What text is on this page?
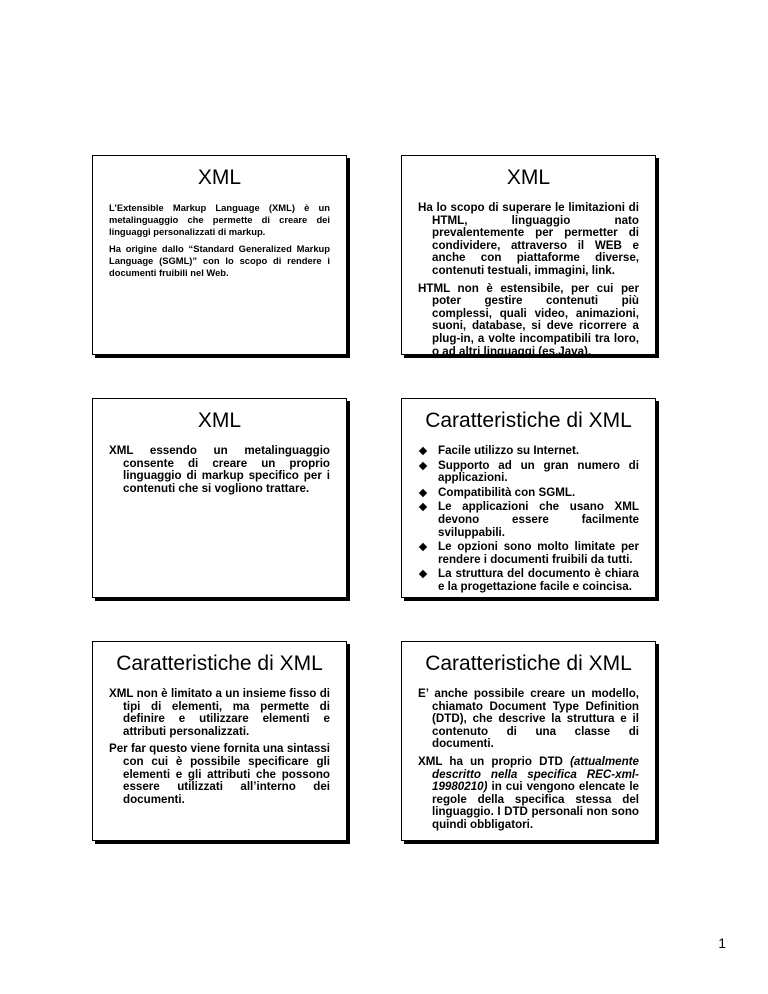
XML

L’Extensible Markup Language (XML) è un metalinguaggio che permette di creare dei linguaggi personalizzati di markup.

Ha origine dallo “Standard Generalized Markup Language (SGML)” con lo scopo di rendere i documenti fruibili nel Web.

XML

Ha lo scopo di superare le limitazioni di HTML, linguaggio nato prevalentemente per permetter di condividere, attraverso il WEB e anche con piattaforme diverse, contenuti testuali, immagini, link.

HTML non è estensibile, per cui per poter gestire contenuti più complessi, quali video, animazioni, suoni, database, si deve ricorrere a plug-in, a volte incompatibili tra loro, o ad altri linguaggi (es.Java).

XML

XML essendo un metalinguaggio consente di creare un proprio linguaggio di markup specifico per i contenuti che si vogliono trattare.

Caratteristiche di XML
Facile utilizzo su Internet.
Supporto ad un gran numero di applicazioni.
Compatibilità con SGML.
Le applicazioni che usano XML devono essere facilmente sviluppabili.
Le opzioni sono molto limitate per rendere i documenti fruibili da tutti.
La struttura del documento è chiara e la progettazione facile e coincisa.
Caratteristiche di XML

XML non è limitato a un insieme fisso di tipi di elementi, ma permette di definire e utilizzare elementi e attributi personalizzati.

Per far questo viene fornita una sintassi con cui è possibile specificare gli elementi e gli attributi che possono essere utilizzati all’interno dei documenti.

Caratteristiche di XML

E’ anche possibile creare un modello, chiamato Document Type Definition (DTD), che descrive la struttura e il contenuto di una classe di documenti.

XML ha un proprio DTD (attualmente descritto nella specifica REC-xml-19980210) in cui vengono elencate le regole della specifica stessa del linguaggio. I DTD personali non sono quindi obbligatori.

1
